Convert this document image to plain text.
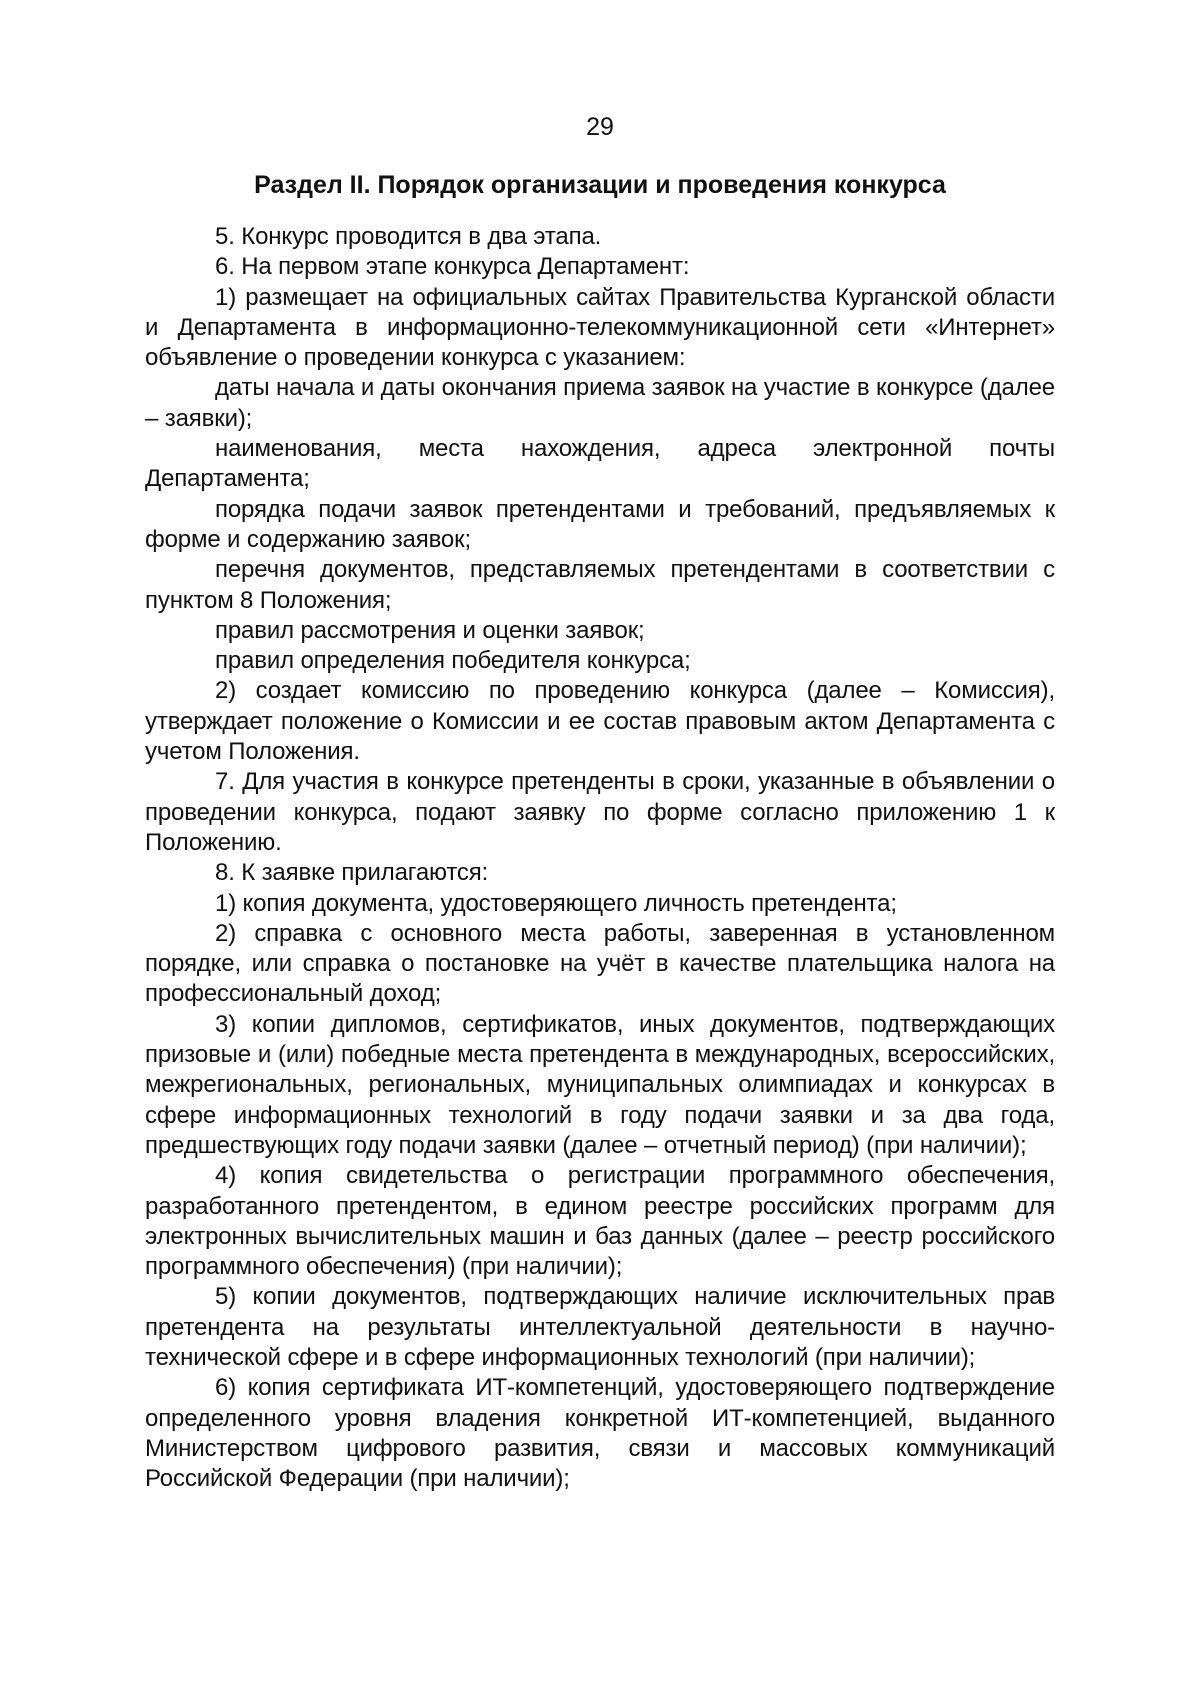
29
Раздел II. Порядок организации и проведения конкурса

5. Конкурс проводится в два этапа.

6. На первом этапе конкурса Департамент:

1) размещает на официальных сайтах Правительства Курганской области и Департамента в информационно-телекоммуникационной сети «Интернет» объявление о проведении конкурса с указанием:

даты начала и даты окончания приема заявок на участие в конкурсе (далее – заявки);

наименования, места нахождения, адреса электронной почты Департамента;

порядка подачи заявок претендентами и требований, предъявляемых к форме и содержанию заявок;

перечня документов, представляемых претендентами в соответствии с пунктом 8 Положения;

правил рассмотрения и оценки заявок;

правил определения победителя конкурса;

2) создает комиссию по проведению конкурса (далее – Комиссия), утверждает положение о Комиссии и ее состав правовым актом Департамента с учетом Положения.

7. Для участия в конкурсе претенденты в сроки, указанные в объявлении о проведении конкурса, подают заявку по форме согласно приложению 1 к Положению.

8. К заявке прилагаются:

1) копия документа, удостоверяющего личность претендента;

2) справка с основного места работы, заверенная в установленном порядке, или справка о постановке на учёт в качестве плательщика налога на профессиональный доход;

3) копии дипломов, сертификатов, иных документов, подтверждающих призовые и (или) победные места претендента в международных, всероссийских, межрегиональных, региональных, муниципальных олимпиадах и конкурсах в сфере информационных технологий в году подачи заявки и за два года, предшествующих году подачи заявки (далее – отчетный период) (при наличии);

4) копия свидетельства о регистрации программного обеспечения, разработанного претендентом, в едином реестре российских программ для электронных вычислительных машин и баз данных (далее – реестр российского программного обеспечения) (при наличии);

5) копии документов, подтверждающих наличие исключительных прав претендента на результаты интеллектуальной деятельности в научно-технической сфере и в сфере информационных технологий (при наличии);

6) копия сертификата ИТ-компетенций, удостоверяющего подтверждение определенного уровня владения конкретной ИТ-компетенцией, выданного Министерством цифрового развития, связи и массовых коммуникаций Российской Федерации (при наличии);
